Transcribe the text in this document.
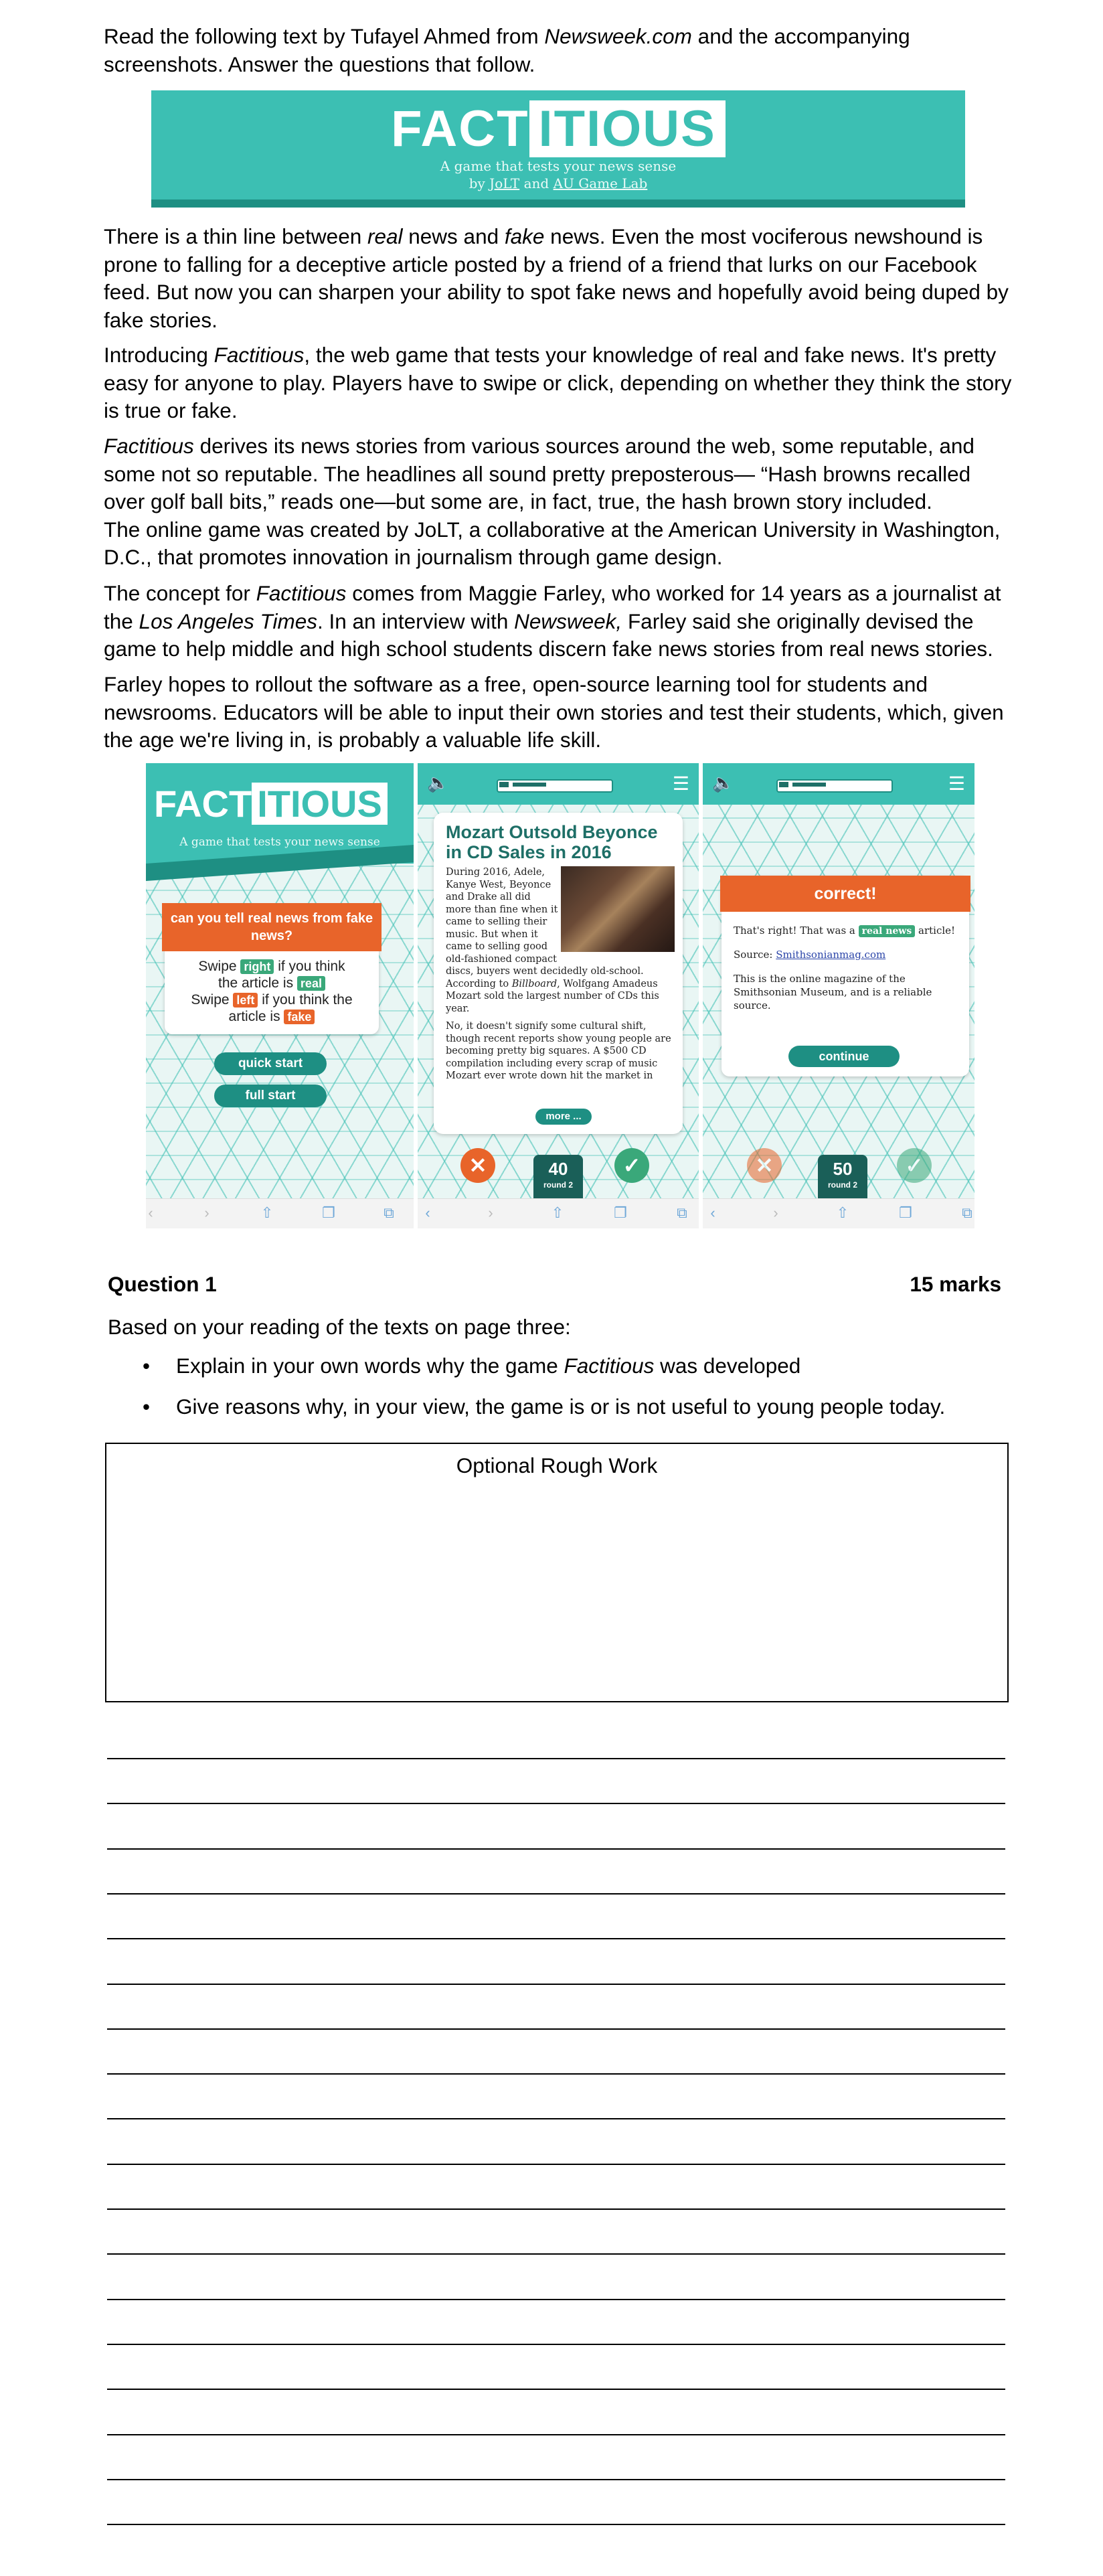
Read the following text by Tufayel Ahmed from Newsweek.com and the accompanying screenshots. Answer the questions that follow.

FACT ITIOUS
A game that tests your news sense
by JoLT and AU Game Lab

There is a thin line between real news and fake news. Even the most vociferous newshound is prone to falling for a deceptive article posted by a friend of a friend that lurks on our Facebook feed. But now you can sharpen your ability to spot fake news and hopefully avoid being duped by fake stories.

Introducing Factitious, the web game that tests your knowledge of real and fake news. It's pretty easy for anyone to play. Players have to swipe or click, depending on whether they think the story is true or fake.

Factitious derives its news stories from various sources around the web, some reputable, and some not so reputable. The headlines all sound pretty preposterous— “Hash browns recalled over golf ball bits,” reads one—but some are, in fact, true, the hash brown story included.
The online game was created by JoLT, a collaborative at the American University in Washington, D.C., that promotes innovation in journalism through game design.

The concept for Factitious comes from Maggie Farley, who worked for 14 years as a journalist at the Los Angeles Times. In an interview with Newsweek, Farley said she originally devised the game to help middle and high school students discern fake news stories from real news stories.

Farley hopes to rollout the software as a free, open-source learning tool for students and newsrooms. Educators will be able to input their own stories and test their students, which, given the age we're living in, is probably a valuable life skill.

FACT ITIOUS
A game that tests your news sense
can you tell real news from fake news?
Swipe right if you think
the article is real
Swipe left if you think the
article is fake
quick start
full start
‹	›	⇧	❐	⧉
🔈	☰
Mozart Outsold Beyonce in CD Sales in 2016

During 2016, Adele, Kanye West, Beyonce and Drake all did more than fine when it came to selling their music. But when it came to selling good old-fashioned compact discs, buyers went decidedly old-school. According to Billboard, Wolfgang Amadeus Mozart sold the largest number of CDs this year.

No, it doesn't signify some cultural shift, though recent reports show young people are becoming pretty big squares. A $500 CD compilation including every scrap of music Mozart ever wrote down hit the market in

more ...
✕	40
round 2
✓
‹	›	⇧	❐	⧉
🔈	☰
correct!

That's right! That was a real news article!

Source: Smithsonianmag.com

This is the online magazine of the Smithsonian Museum, and is a reliable source.

continue
✕	50
round 2
✓
‹	›	⇧	❐	⧉
Question 1	15 marks
Based on your reading of the texts on page three:
• Explain in your own words why the game Factitious was developed
• Give reasons why, in your view, the game is or is not useful to young people today.
Optional Rough Work
